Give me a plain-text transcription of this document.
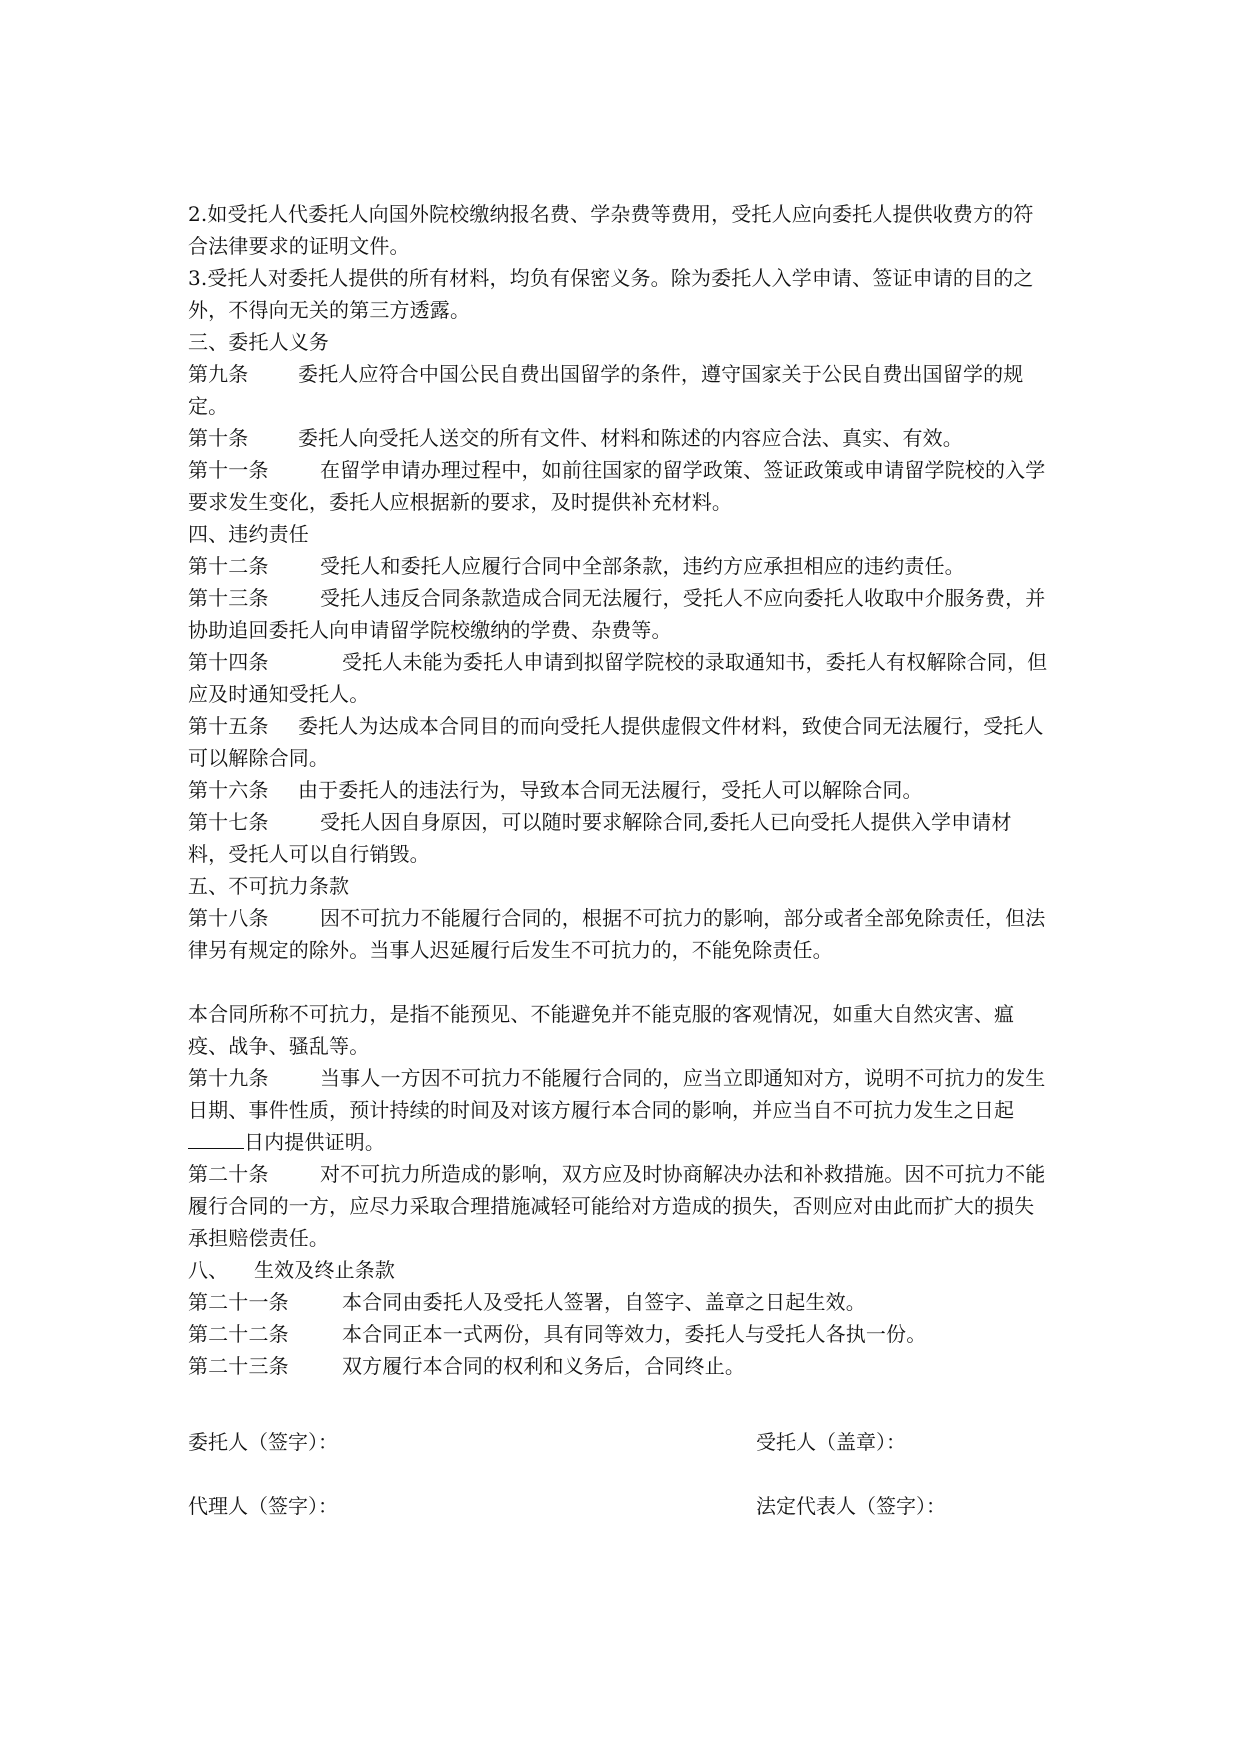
2.如受托人代委托人向国外院校缴纳报名费、学杂费等费用，受托人应向委托人提供收费方的符合法律要求的证明文件。

3.受托人对委托人提供的所有材料，均负有保密义务。除为委托人入学申请、签证申请的目的之外，不得向无关的第三方透露。

三、委托人义务

第九条 委托人应符合中国公民自费出国留学的条件，遵守国家关于公民自费出国留学的规定。

第十条 委托人向受托人送交的所有文件、材料和陈述的内容应合法、真实、有效。

第十一条	在留学申请办理过程中，如前往国家的留学政策、签证政策或申请留学院校的入学要求发生变化，委托人应根据新的要求，及时提供补充材料。

四、违约责任

第十二条	受托人和委托人应履行合同中全部条款，违约方应承担相应的违约责任。

第十三条	受托人违反合同条款造成合同无法履行，受托人不应向委托人收取中介服务费，并协助追回委托人向申请留学院校缴纳的学费、杂费等。

第十四条	受托人未能为委托人申请到拟留学院校的录取通知书，委托人有权解除合同，但应及时通知受托人。

第十五条 委托人为达成本合同目的而向受托人提供虚假文件材料，致使合同无法履行，受托人可以解除合同。

第十六条 由于委托人的违法行为，导致本合同无法履行，受托人可以解除合同。

第十七条	受托人因自身原因，可以随时要求解除合同,委托人已向受托人提供入学申请材料，受托人可以自行销毁。

五、不可抗力条款

第十八条	因不可抗力不能履行合同的，根据不可抗力的影响，部分或者全部免除责任，但法律另有规定的除外。当事人迟延履行后发生不可抗力的，不能免除责任。

本合同所称不可抗力，是指不能预见、不能避免并不能克服的客观情况，如重大自然灾害、瘟疫、战争、骚乱等。

第十九条	当事人一方因不可抗力不能履行合同的，应当立即通知对方，说明不可抗力的发生日期、事件性质，预计持续的时间及对该方履行本合同的影响，并应当自不可抗力发生之日起日内提供证明。

第二十条	对不可抗力所造成的影响，双方应及时协商解决办法和补救措施。因不可抗力不能履行合同的一方，应尽力采取合理措施减轻可能给对方造成的损失，否则应对由此而扩大的损失承担赔偿责任。

八、 生效及终止条款

第二十一条	本合同由委托人及受托人签署，自签字、盖章之日起生效。

第二十二条	本合同正本一式两份，具有同等效力，委托人与受托人各执一份。

第二十三条	双方履行本合同的权利和义务后，合同终止。

委托人（签字）：	受托人（盖章）：
代理人（签字）：	法定代表人（签字）：
